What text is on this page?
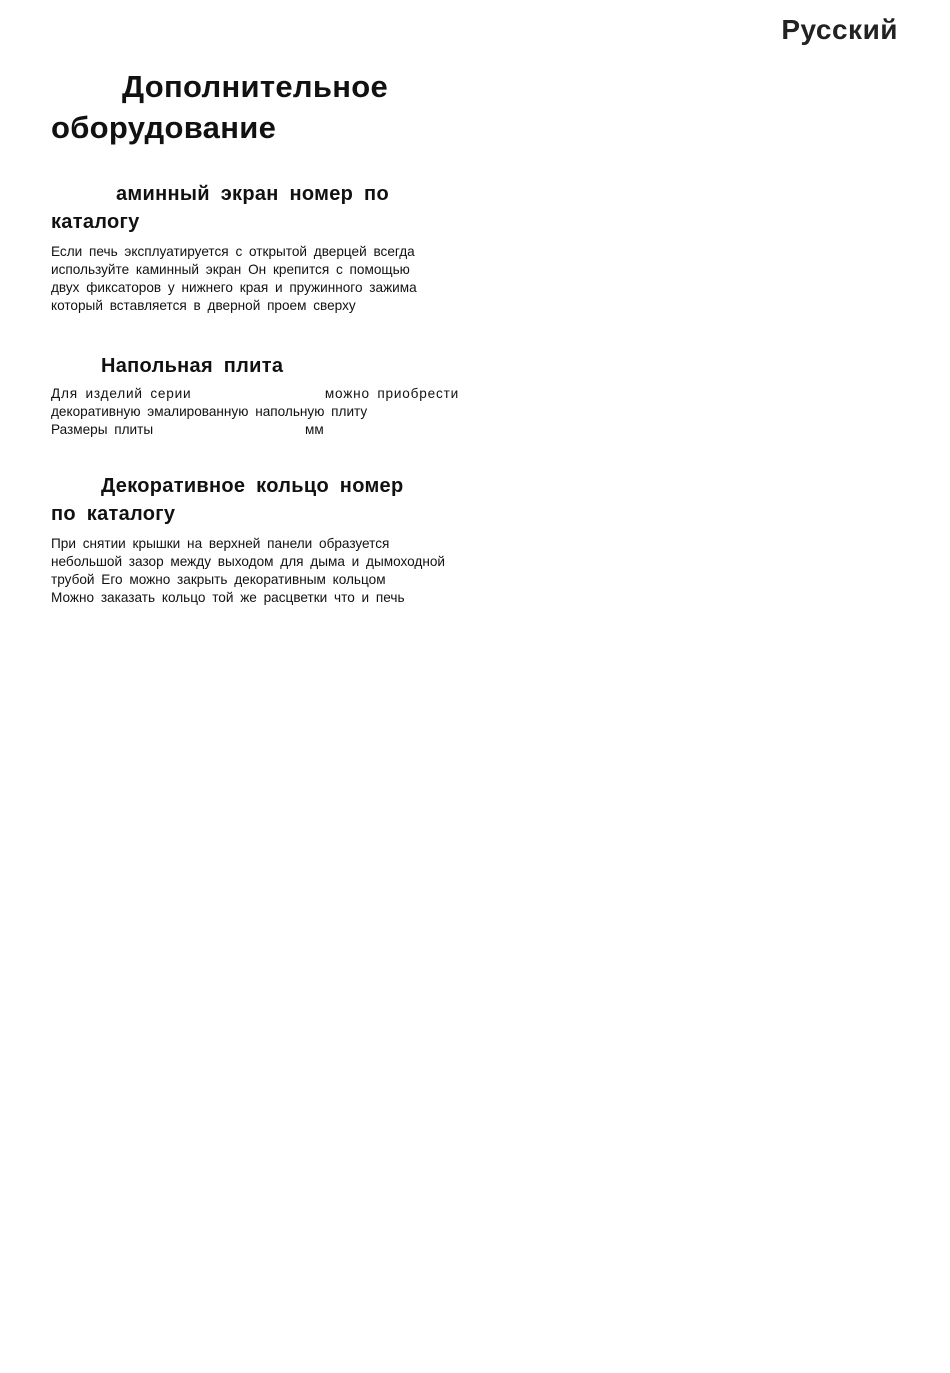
Русский
Дополнительное
оборудование
аминный экран номер по
каталогу
Если печь эксплуатируется с открытой дверцей всегда
используйте каминный экран Он крепится с помощью
двух фиксаторов у нижнего края и пружинного зажима
который вставляется в дверной проем сверху
Напольная плита
Для изделий серии	можно приобрести
декоративную эмалированную напольную плиту
Размеры плиты	мм
Декоративное кольцо номер
по каталогу
При снятии крышки на верхней панели образуется
небольшой зазор между выходом для дыма и дымоходной
трубой Его можно закрыть декоративным кольцом
Можно заказать кольцо той же расцветки что и печь
